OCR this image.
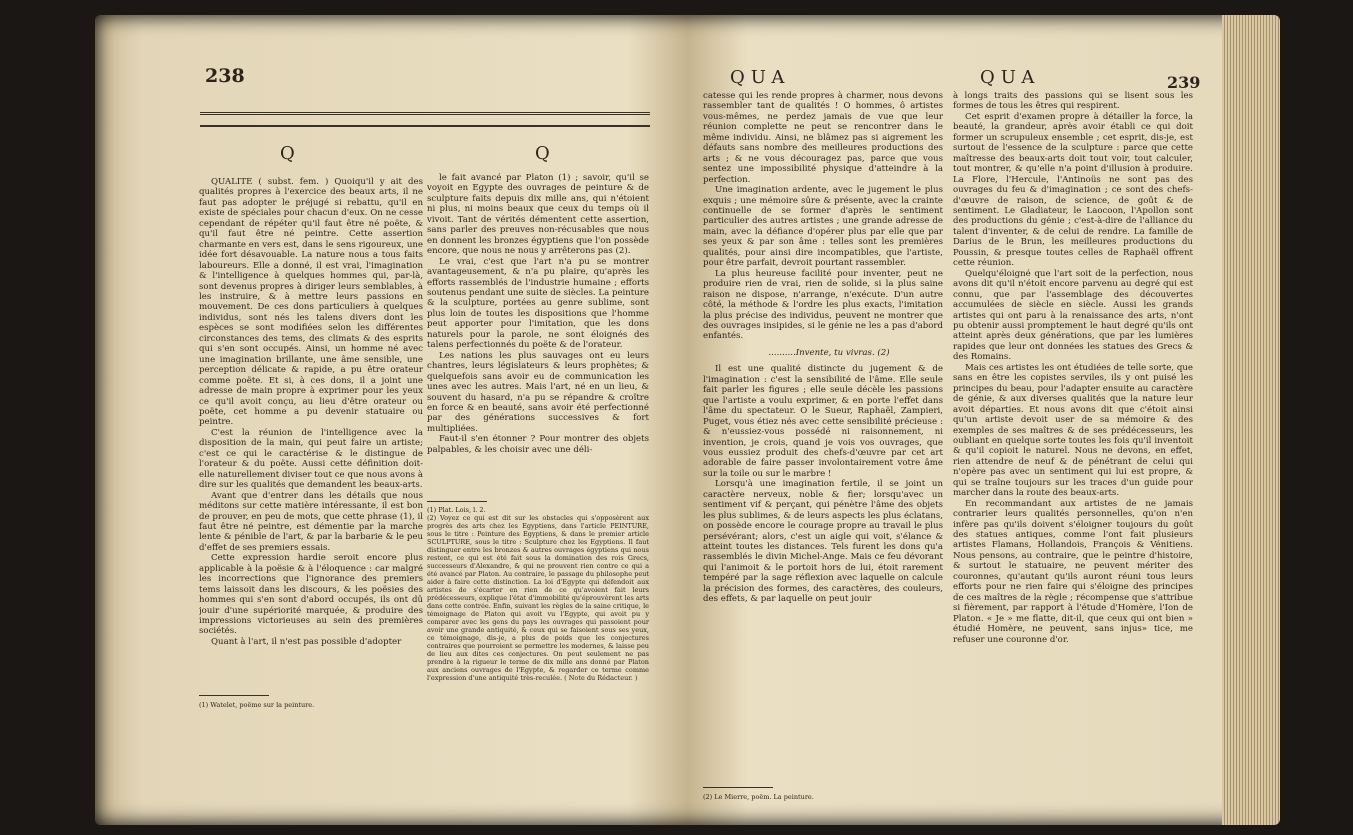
238
Q	Q

QUALITÉ ( subst. fem. ) Quoiqu'il y ait des qualités propres à l'exercice des beaux arts, il ne faut pas adopter le préjugé si rebattu, qu'il en existe de spéciales pour chacun d'eux. On ne cesse cependant de répéter qu'il faut être né poëte, & qu'il faut être né peintre. Cette assertion charmante en vers est, dans le sens rigoureux, une idée fort désavouable. La nature nous a tous faits laboureurs. Elle a donné, il est vrai, l'imagination & l'intelligence à quelques hommes qui, par-là, sont devenus propres à diriger leurs semblables, à les instruire, & à mettre leurs passions en mouvement. De ces dons particuliers à quelques individus, sont nés les talens divers dont les espèces se sont modifiées selon les différentes circonstances des tems, des climats & des esprits qui s'en sont occupés. Ainsi, un homme né avec une imagination brillante, une âme sensible, une perception délicate & rapide, a pu être orateur comme poëte. Et si, à ces dons, il a joint une adresse de main propre à exprimer pour les yeux ce qu'il avoit conçu, au lieu d'être orateur ou poëte, cet homme a pu devenir statuaire ou peintre.

C'est la réunion de l'intelligence avec la disposition de la main, qui peut faire un artiste; c'est ce qui le caractérise & le distingue de l'orateur & du poëte. Aussi cette définition doit-elle naturellement diviser tout ce que nous avons à dire sur les qualités que demandent les beaux-arts.

Avant que d'entrer dans les détails que nous méditons sur cette matière intéressante, il est bon de prouver, en peu de mots, que cette phrase (1), il faut être né peintre, est démentie par la marche lente & pénible de l'art, & par la barbarie & le peu d'effet de ses premiers essais.

Cette expression hardie seroit encore plus applicable à la poësie & à l'éloquence : car malgré les incorrections que l'ignorance des premiers tems laissoit dans les discours, & les poësies des hommes qui s'en sont d'abord occupés, ils ont dû jouir d'une supériorité marquée, & produire des impressions victorieuses au sein des premières sociétés.

Quant à l'art, il n'est pas possible d'adopter

(1) Watelet, poëme sur la peinture.

le fait avancé par Platon (1) ; savoir, qu'il se voyoit en Egypte des ouvrages de peinture & de sculpture faits depuis dix mille ans, qui n'étoient ni plus, ni moins beaux que ceux du temps où il vivoit. Tant de vérités démentent cette assertion, sans parler des preuves non-récusables que nous en donnent les bronzes égyptiens que l'on possède encore, que nous ne nous y arrêterons pas (2).

Le vrai, c'est que l'art n'a pu se montrer avantageusement, & n'a pu plaire, qu'après les efforts rassemblés de l'industrie humaine ; efforts soutenus pendant une suite de siècles. La peinture & la sculpture, portées au genre sublime, sont plus loin de toutes les dispositions que l'homme peut apporter pour l'imitation, que les dons naturels pour la parole, ne sont éloignés des talens perfectionnés du poëte & de l'orateur.

Les nations les plus sauvages ont eu leurs chantres, leurs législateurs & leurs prophètes; & quelquefois sans avoir eu de communication les unes avec les autres. Mais l'art, né en un lieu, & souvent du hasard, n'a pu se répandre & croître en force & en beauté, sans avoir été perfectionné par des générations successives & fort multipliées.

Faut-il s'en étonner ? Pour montrer des objets palpables, & les choisir avec une déli-

(1) Plat. Lois, l. 2.
(2) Voyez ce qui est dit sur les obstacles qui s'opposèrent aux progrès des arts chez les Egyptiens, dans l'article PEINTURE, sous le titre : Peinture des Egyptiens, & dans le premier article SCULPTURE, sous le titre : Sculpture chez les Egyptiens. Il faut distinguer entre les bronzes & autres ouvrages égyptiens qui nous restent, ce qui est été fait sous la domination des rois Grecs, successeurs d'Alexandre, & qui ne prouvent rien contre ce qui a été avancé par Platon. Au contraire, le passage du philosophe peut aider à faire cette distinction. La loi d'Egypte qui défendoit aux artistes de s'écarter en rien de ce qu'avoient fait leurs prédécesseurs, explique l'état d'immobilité qu'éprouvèrent les arts dans cette contrée. Enfin, suivant les règles de la saine critique, le témoignage de Platon qui avoit vu l'Egypte, qui avoit pu y comparer avec les gens du pays les ouvrages qui passoient pour avoir une grande antiquité, & ceux qui se faisoient sous ses yeux, ce témoignage, dis-je, a plus de poids que les conjectures contraires que pourroient se permettre les modernes, & laisse peu de lieu aux dites ces conjectures. On peut seulement ne pas prendre à la rigueur le terme de dix mille ans donné par Platon aux anciens ouvrages de l'Egypte, & regarder ce terme comme l'expression d'une antiquité très-reculée. ( Note du Rédacteur. )
QUA	QUA	239

catesse qui les rende propres à charmer, nous devons rassembler tant de qualités ! O hommes, ô artistes vous-mêmes, ne perdez jamais de vue que leur réunion complette ne peut se rencontrer dans le même individu. Ainsi, ne blâmez pas si aigrement les défauts sans nombre des meilleures productions des arts ; & ne vous découragez pas, parce que vous sentez une impossibilité physique d'atteindre à la perfection.

Une imagination ardente, avec le jugement le plus exquis ; une mémoire sûre & présente, avec la crainte continuelle de se former d'après le sentiment particulier des autres artistes ; une grande adresse de main, avec la défiance d'opérer plus par elle que par ses yeux & par son âme : telles sont les premières qualités, pour ainsi dire incompatibles, que l'artiste, pour être parfait, devroit pourtant rassembler.

La plus heureuse facilité pour inventer, peut ne produire rien de vrai, rien de solide, si la plus saine raison ne dispose, n'arrange, n'exécute. D'un autre côté, la méthode & l'ordre les plus exacts, l'imitation la plus précise des individus, peuvent ne montrer que des ouvrages insipides, si le génie ne les a pas d'abord enfantés.

..........Invente, tu vivras. (2)

Il est une qualité distincte du jugement & de l'imagination : c'est la sensibilité de l'âme. Elle seule fait parler les figures ; elle seule décèle les passions que l'artiste a voulu exprimer, & en porte l'effet dans l'âme du spectateur. O le Sueur, Raphaël, Zampieri, Puget, vous étiez nés avec cette sensibilité précieuse : & n'eussiez-vous possédé ni raisonnement, ni invention, je crois, quand je vois vos ouvrages, que vous eussiez produit des chefs-d'œuvre par cet art adorable de faire passer involontairement votre âme sur la toile ou sur le marbre !

Lorsqu'à une imagination fertile, il se joint un caractère nerveux, noble & fier; lorsqu'avec un sentiment vif & perçant, qui pénètre l'âme des objets les plus sublimes, & de leurs aspects les plus éclatans, on possède encore le courage propre au travail le plus persévérant; alors, c'est un aigle qui voit, s'élance & atteint toutes les distances. Tels furent les dons qu'a rassemblés le divin Michel-Ange. Mais ce feu dévorant qui l'animoit & le portoit hors de lui, étoit rarement tempéré par la sage réflexion avec laquelle on calcule la précision des formes, des caractères, des couleurs, des effets, & par laquelle on peut jouir

(2) Le Mierre, poëm. La peinture.

à longs traits des passions qui se lisent sous les formes de tous les êtres qui respirent.

Cet esprit d'examen propre à détailler la force, la beauté, la grandeur, après avoir établi ce qui doit former un scrupuleux ensemble ; cet esprit, dis-je, est surtout de l'essence de la sculpture : parce que cette maîtresse des beaux-arts doit tout voir, tout calculer, tout montrer, & qu'elle n'a point d'illusion à produire. La Flore, l'Hercule, l'Antinoüs ne sont pas des ouvrages du feu & d'imagination ; ce sont des chefs-d'œuvre de raison, de science, de goût & de sentiment. Le Gladiateur, le Laocoon, l'Apollon sont des productions du génie ; c'est-à-dire de l'alliance du talent d'inventer, & de celui de rendre. La famille de Darius de le Brun, les meilleures productions du Poussin, & presque toutes celles de Raphaël offrent cette réunion.

Quelqu'éloigné que l'art soit de la perfection, nous avons dit qu'il n'étoit encore parvenu au degré qui est connu, que par l'assemblage des découvertes accumulées de siècle en siècle. Aussi les grands artistes qui ont paru à la renaissance des arts, n'ont pu obtenir aussi promptement le haut degré qu'ils ont atteint après deux générations, que par les lumières rapides que leur ont données les statues des Grecs & des Romains.

Mais ces artistes les ont étudiées de telle sorte, que sans en être les copistes serviles, ils y ont puisé les principes du beau, pour l'adapter ensuite au caractère de génie, & aux diverses qualités que la nature leur avoit départies. Et nous avons dit que c'étoit ainsi qu'un artiste devoit user de sa mémoire & des exemples de ses maîtres & de ses prédécesseurs, les oubliant en quelque sorte toutes les fois qu'il inventoit & qu'il copioit le naturel. Nous ne devons, en effet, rien attendre de neuf & de pénétrant de celui qui n'opère pas avec un sentiment qui lui est propre, & qui se traîne toujours sur les traces d'un guide pour marcher dans la route des beaux-arts.

En recommandant aux artistes de ne jamais contrarier leurs qualités personnelles, qu'on n'en infère pas qu'ils doivent s'éloigner toujours du goût des statues antiques, comme l'ont fait plusieurs artistes Flamans, Hollandois, François & Vénitiens. Nous pensons, au contraire, que le peintre d'histoire, & surtout le statuaire, ne peuvent mériter des couronnes, qu'autant qu'ils auront réuni tous leurs efforts pour ne rien faire qui s'éloigne des principes de ces maîtres de la règle ; récompense que s'attribue si fièrement, par rapport à l'étude d'Homère, l'Ion de Platon. « Je » me flatte, dit-il, que ceux qui ont bien » étudié Homère, ne peuvent, sans injus» tice, me refuser une couronne d'or.
